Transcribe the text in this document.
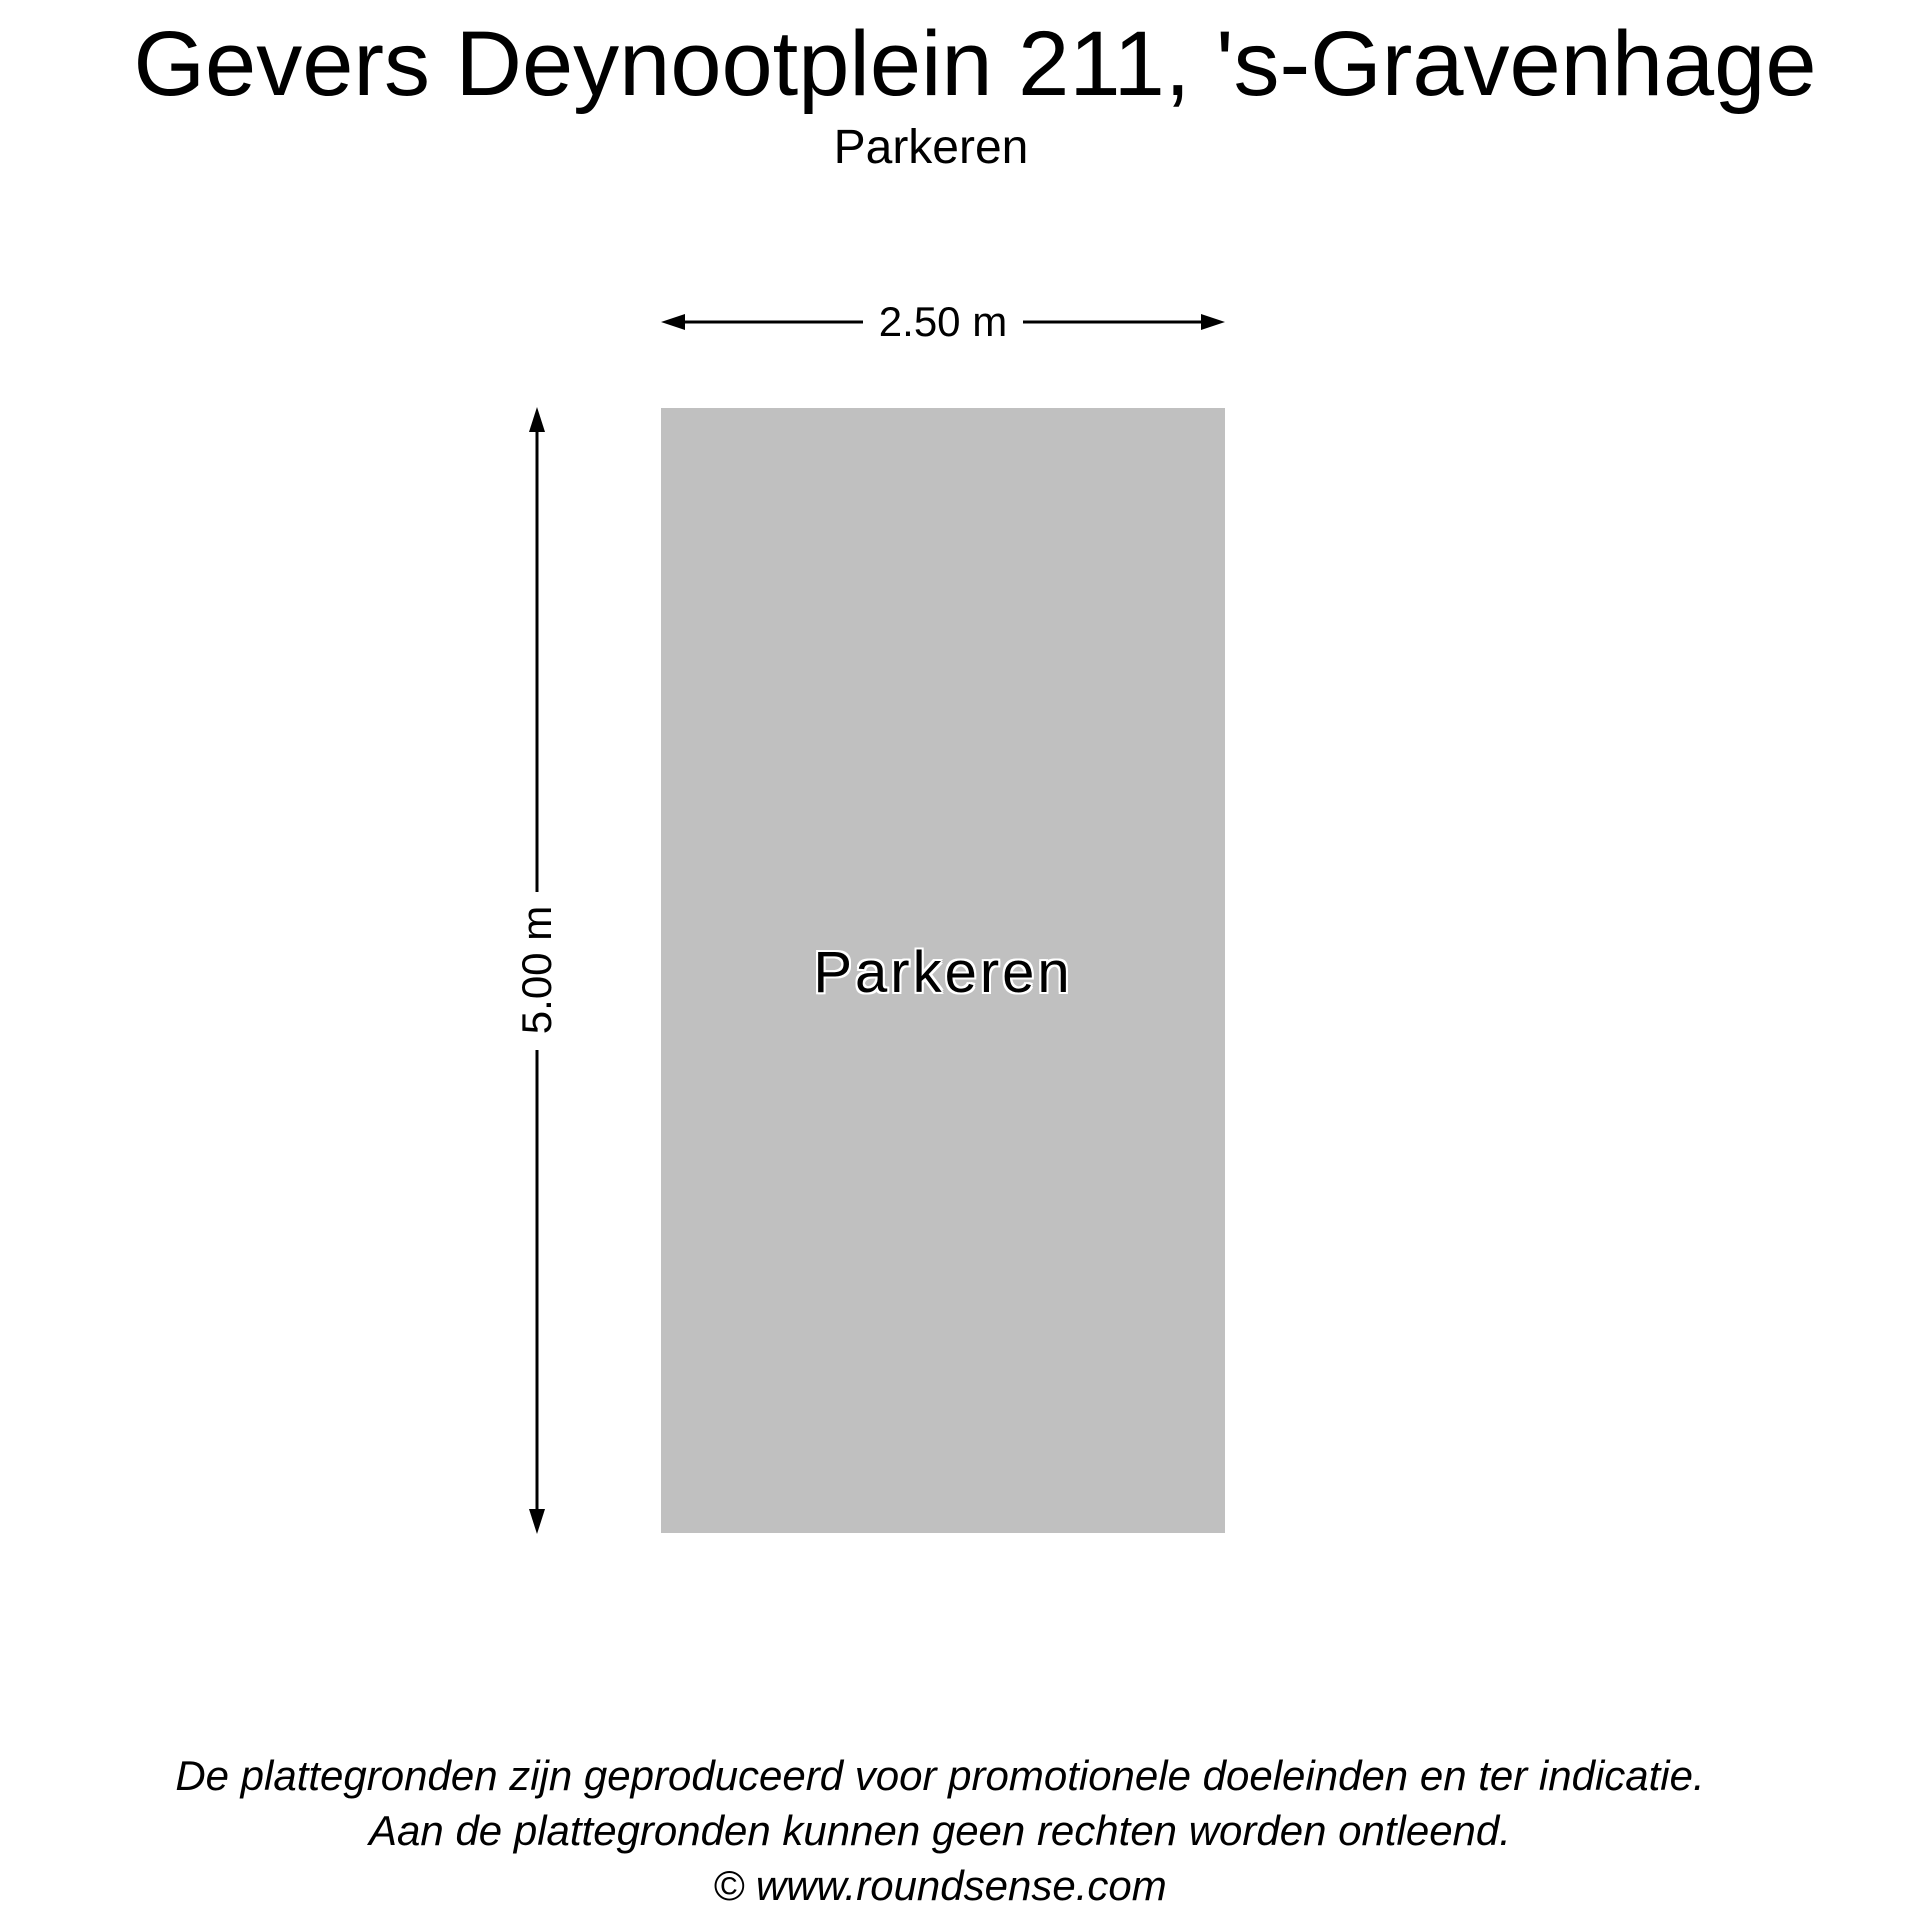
Gevers Deynootplein 211, 's-Gravenhage
Parkeren
2.50 m
5.00 m	Parkeren
De plattegronden zijn geproduceerd voor promotionele doeleinden en ter indicatie.
Aan de plattegronden kunnen geen rechten worden ontleend.
© www.roundsense.com
